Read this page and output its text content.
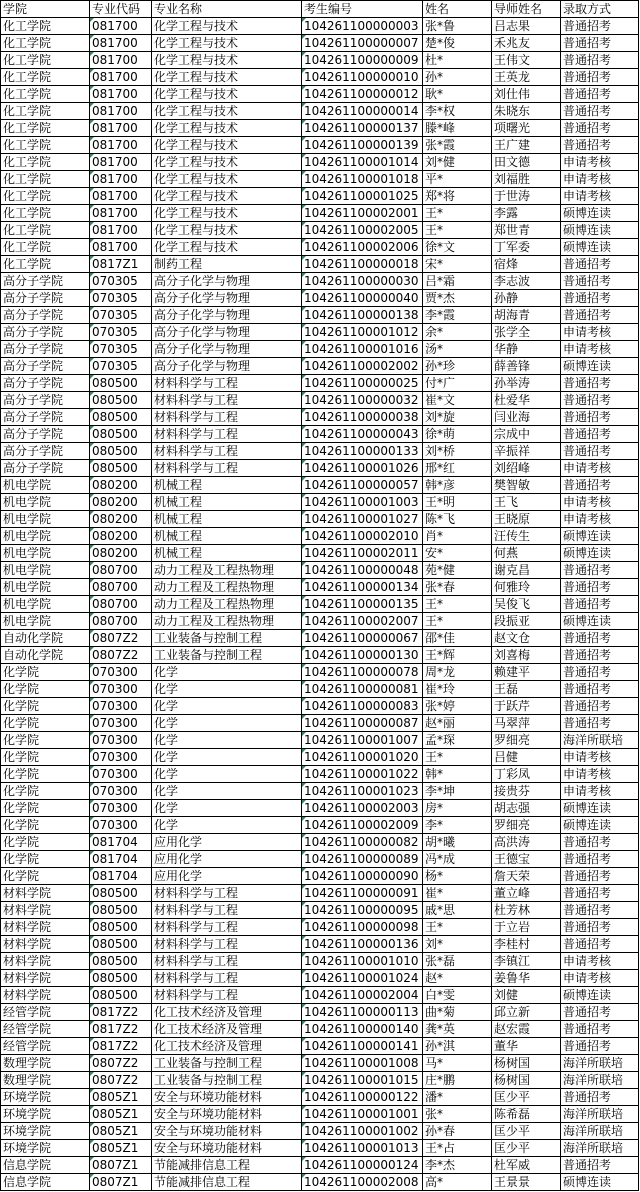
学院	专业代码	专业名称	考生编号	姓名	导师姓名	录取方式
化工学院	081700	化学工程与技术	104261100000003	张*鲁	吕志果	普通招考
化工学院	081700	化学工程与技术	104261100000007	楚*俊	禾兆友	普通招考
化工学院	081700	化学工程与技术	104261100000009	杜*	王伟文	普通招考
化工学院	081700	化学工程与技术	104261100000010	孙*	王英龙	普通招考
化工学院	081700	化学工程与技术	104261100000012	耿*	刘仕伟	普通招考
化工学院	081700	化学工程与技术	104261100000014	李*权	朱晓东	普通招考
化工学院	081700	化学工程与技术	104261100000137	滕*峰	项曙光	普通招考
化工学院	081700	化学工程与技术	104261100000139	张*霞	王广建	普通招考
化工学院	081700	化学工程与技术	104261100001014	刘*健	田文德	申请考核
化工学院	081700	化学工程与技术	104261100001018	平*	刘福胜	申请考核
化工学院	081700	化学工程与技术	104261100001025	郑*将	于世涛	申请考核
化工学院	081700	化学工程与技术	104261100002001	王*	李露	硕博连读
化工学院	081700	化学工程与技术	104261100002005	王*	郑世青	硕博连读
化工学院	081700	化学工程与技术	104261100002006	徐*文	丁军委	硕博连读
化工学院	0817Z1	制药工程	104261100000018	宋*	宿烽	普通招考
高分子学院	070305	高分子化学与物理	104261100000030	吕*霜	李志波	普通招考
高分子学院	070305	高分子化学与物理	104261100000040	贾*杰	孙静	普通招考
高分子学院	070305	高分子化学与物理	104261100000138	李*霞	胡海青	普通招考
高分子学院	070305	高分子化学与物理	104261100001012	余*	张学全	申请考核
高分子学院	070305	高分子化学与物理	104261100001016	汤*	华静	申请考核
高分子学院	070305	高分子化学与物理	104261100002002	孙*珍	薛善锋	硕博连读
高分子学院	080500	材料科学与工程	104261100000025	付*广	孙举涛	普通招考
高分子学院	080500	材料科学与工程	104261100000032	崔*文	杜爱华	普通招考
高分子学院	080500	材料科学与工程	104261100000038	刘*旋	闫业海	普通招考
高分子学院	080500	材料科学与工程	104261100000043	徐*萌	宗成中	普通招考
高分子学院	080500	材料科学与工程	104261100000133	刘*桥	辛振祥	普通招考
高分子学院	080500	材料科学与工程	104261100001026	邢*红	刘绍峰	申请考核
机电学院	080200	机械工程	104261100000057	韩*彦	樊智敏	普通招考
机电学院	080200	机械工程	104261100001003	王*明	王飞	申请考核
机电学院	080200	机械工程	104261100001027	陈*飞	王晓原	申请考核
机电学院	080200	机械工程	104261100002010	肖*	汪传生	硕博连读
机电学院	080200	机械工程	104261100002011	安*	何燕	硕博连读
机电学院	080700	动力工程及工程热物理	104261100000048	苑*健	谢克昌	普通招考
机电学院	080700	动力工程及工程热物理	104261100000134	张*春	何雅玲	普通招考
机电学院	080700	动力工程及工程热物理	104261100000135	王*	吴俊飞	普通招考
机电学院	080700	动力工程及工程热物理	104261100002007	王*	段振亚	硕博连读
自动化学院	0807Z2	工业装备与控制工程	104261100000067	邵*佳	赵文仓	普通招考
自动化学院	0807Z2	工业装备与控制工程	104261100000130	王*辉	刘喜梅	普通招考
化学院	070300	化学	104261100000078	周*龙	赖建平	普通招考
化学院	070300	化学	104261100000081	崔*玲	王磊	普通招考
化学院	070300	化学	104261100000083	张*婷	于跃芹	普通招考
化学院	070300	化学	104261100000087	赵*丽	马翠萍	普通招考
化学院	070300	化学	104261100001007	孟*琛	罗细亮	海洋所联培
化学院	070300	化学	104261100001020	王*	吕健	申请考核
化学院	070300	化学	104261100001022	韩*	丁彩凤	申请考核
化学院	070300	化学	104261100001023	李*坤	接贵芬	申请考核
化学院	070300	化学	104261100002003	房*	胡志强	硕博连读
化学院	070300	化学	104261100002009	李*	罗细亮	硕博连读
化学院	081704	应用化学	104261100000082	胡*曦	高洪涛	普通招考
化学院	081704	应用化学	104261100000089	冯*成	王德宝	普通招考
化学院	081704	应用化学	104261100000090	杨*	詹天荣	普通招考
材料学院	080500	材料科学与工程	104261100000091	崔*	董立峰	普通招考
材料学院	080500	材料科学与工程	104261100000095	戚*思	杜芳林	普通招考
材料学院	080500	材料科学与工程	104261100000098	王*	于立岩	普通招考
材料学院	080500	材料科学与工程	104261100000136	刘*	李桂村	普通招考
材料学院	080500	材料科学与工程	104261100001010	张*磊	李镇江	申请考核
材料学院	080500	材料科学与工程	104261100001024	赵*	姜鲁华	申请考核
材料学院	080500	材料科学与工程	104261100002004	白*雯	刘健	硕博连读
经管学院	0817Z2	化工技术经济及管理	104261100000113	曲*菊	邱立新	普通招考
经管学院	0817Z2	化工技术经济及管理	104261100000140	龚*英	赵宏霞	普通招考
经管学院	0817Z2	化工技术经济及管理	104261100000141	孙*淇	董华	普通招考
数理学院	0807Z2	工业装备与控制工程	104261100001008	马*	杨树国	海洋所联培
数理学院	0807Z2	工业装备与控制工程	104261100001015	庄*鹏	杨树国	海洋所联培
环境学院	0805Z1	安全与环境功能材料	104261100000122	潘*	匡少平	普通招考
环境学院	0805Z1	安全与环境功能材料	104261100001001	张*	陈希磊	海洋所联培
环境学院	0805Z1	安全与环境功能材料	104261100001002	孙*春	匡少平	海洋所联培
环境学院	0805Z1	安全与环境功能材料	104261100001013	王*占	匡少平	海洋所联培
信息学院	0807Z1	节能减排信息工程	104261100000124	李*杰	杜军威	普通招考
信息学院	0807Z1	节能减排信息工程	104261100002008	高*	王景景	硕博连读
